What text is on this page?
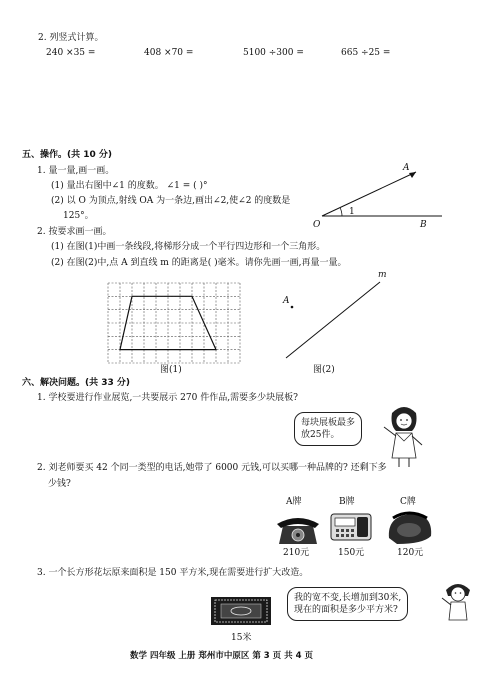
2. 列竖式计算。
240 ×35 =	408 ×70 =	5100 ÷300 =	665 ÷25 =
五、操作。(共 10 分)
1. 量一量,画一画。
(1) 量出右图中∠1 的度数。 ∠1 = ( )°
(2) 以 O 为顶点,射线 OA 为一条边,画出∠2,使∠2 的度数是
125°。
A
O	B
1
2. 按要求画一画。
(1) 在图(1)中画一条线段,将梯形分成一个平行四边形和一个三角形。
(2) 在图(2)中,点 A 到直线 m 的距离是( )毫米。请你先画一画,再量一量。
图(1)
A
m
图(2)
六、解决问题。(共 33 分)
1. 学校要进行作业展览,一共要展示 270 件作品,需要多少块展板?
每块展板最多
放25件。
2. 刘老师要买 42 个同一类型的电话,她带了 6000 元钱,可以买哪一种品牌的? 还剩下多
少钱?
A牌	B牌	C牌
210元	150元	120元
3. 一个长方形花坛原来面积是 150 平方米,现在需要进行扩大改造。
15米
我的宽不变,长增加到30米,
现在的面积是多少平方米?
数学 四年级 上册 郑州市中原区 第 3 页 共 4 页
